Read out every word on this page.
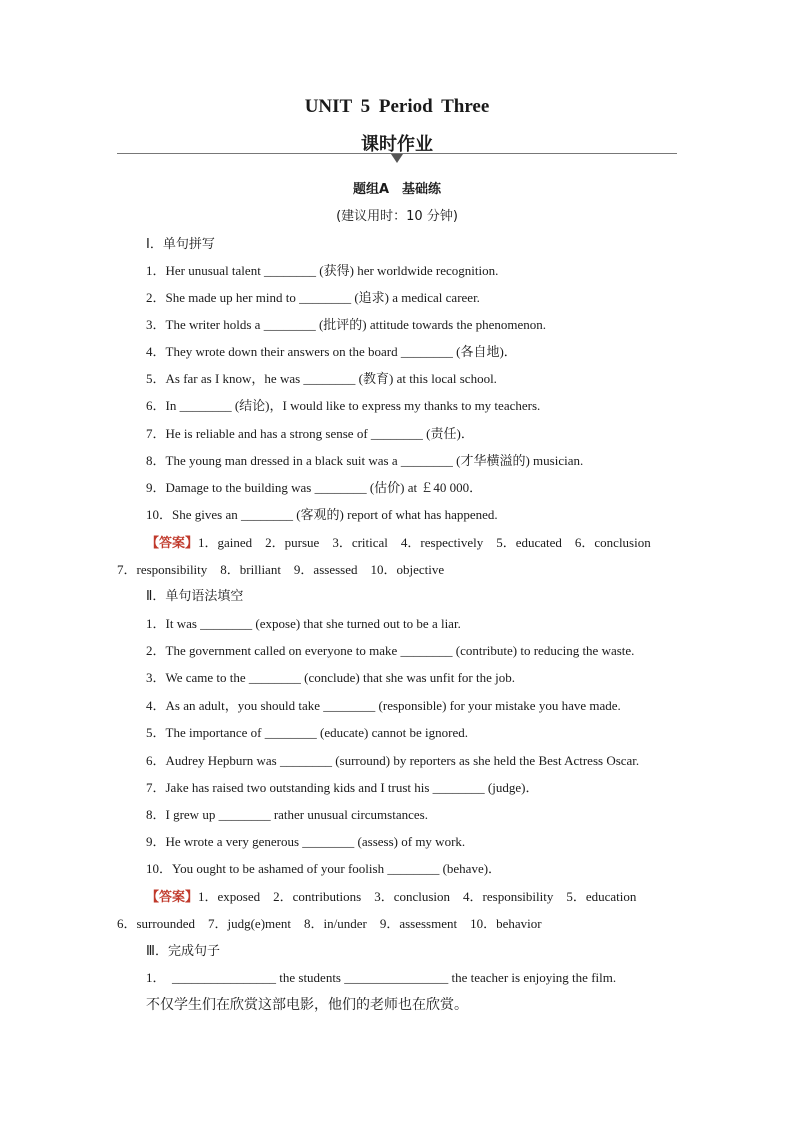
UNIT 5 Period Three
课时作业
题组A　基础练
(建议用时：10 分钟)
Ⅰ．单句拼写
1．Her unusual talent ________ (获得) her worldwide recognition.
2．She made up her mind to ________ (追求) a medical career.
3．The writer holds a ________ (批评的) attitude towards the phenomenon.
4．They wrote down their answers on the board ________ (各自地)．
5．As far as I know，he was ________ (教育) at this local school.
6．In ________ (结论)，I would like to express my thanks to my teachers.
7．He is reliable and has a strong sense of ________ (责任)．
8．The young man dressed in a black suit was a ________ (才华横溢的) musician.
9．Damage to the building was ________ (估价) at ￡40 000．
10．She gives an ________ (客观的) report of what has happened.
【答案】1．gained　2．pursue　3．critical　4．respectively　5．educated　6．conclusion
7．responsibility　8．brilliant　9．assessed　10．objective
Ⅱ．单句语法填空
1．It was ________ (expose) that she turned out to be a liar.
2．The government called on everyone to make ________ (contribute) to reducing the waste.
3．We came to the ________ (conclude) that she was unfit for the job.
4．As an adult，you should take ________ (responsible) for your mistake you have made.
5．The importance of ________ (educate) cannot be ignored.
6．Audrey Hepburn was ________ (surround) by reporters as she held the Best Actress Oscar.
7．Jake has raised two outstanding kids and I trust his ________ (judge)．
8．I grew up ________ rather unusual circumstances.
9．He wrote a very generous ________ (assess) of my work.
10．You ought to be ashamed of your foolish ________ (behave)．
【答案】1．exposed　2．contributions　3．conclusion　4．responsibility　5．education
6．surrounded　7．judg(e)ment　8．in/under　9．assessment　10．behavior
Ⅲ．完成句子
1．　________________ the students ________________ the teacher is enjoying the film.
不仅学生们在欣赏这部电影，他们的老师也在欣赏。
